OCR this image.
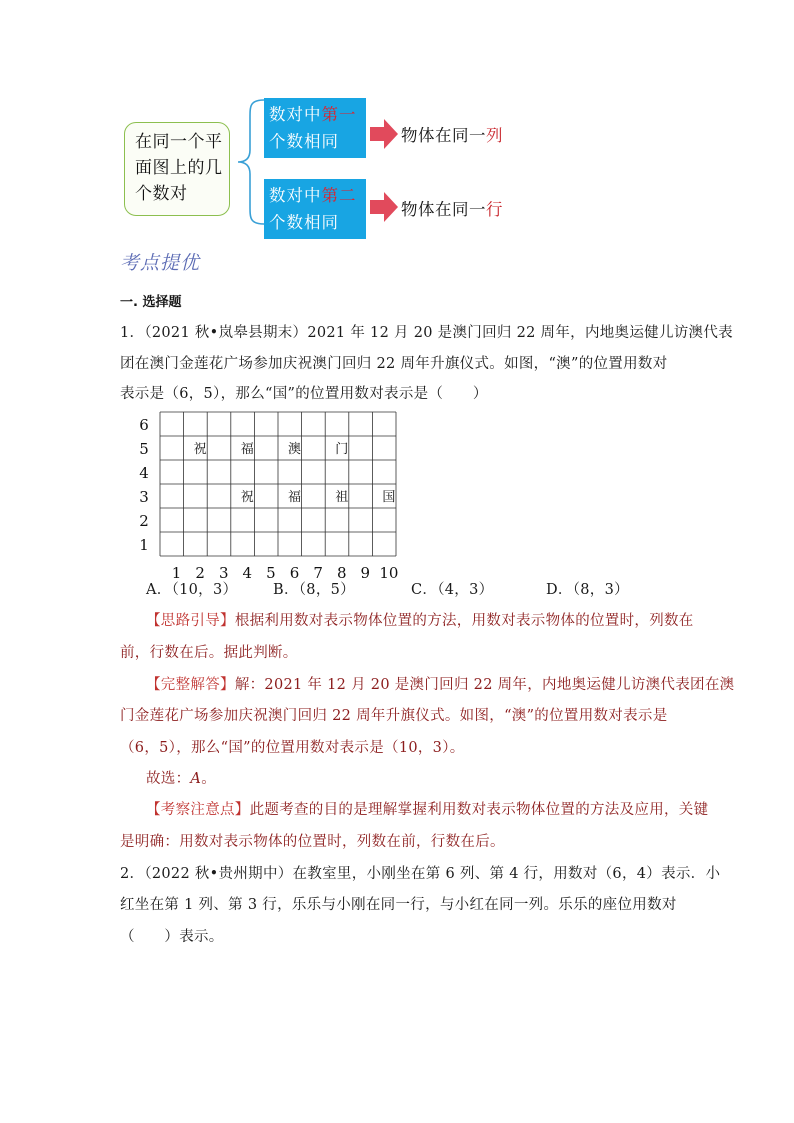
在同一个平
面图上的几
个数对
数对中第一
个数相同	物体在同一列
数对中第二
个数相同
物体在同一行
考点提优
一. 选择题
1．（2021 秋•岚皋县期末）2021 年 12 月 20 是澳门回归 22 周年，内地奥运健儿访澳代表
团在澳门金莲花广场参加庆祝澳门回归 22 周年升旗仪式。如图，“澳”的位置用数对
表示是（6，5），那么“国”的位置用数对表示是（　　）
1
2
3
4
5
6
1 2 3 4 5 6 7 8 9 10
祝	福	澳	门
祝	福	祖	国
A．（10，3） B．（8，5）	C．（4，3）	D．（8，3）
【思路引导】根据利用数对表示物体位置的方法，用数对表示物体的位置时，列数在
前，行数在后。据此判断。
【完整解答】解：2021 年 12 月 20 是澳门回归 22 周年，内地奥运健儿访澳代表团在澳
门金莲花广场参加庆祝澳门回归 22 周年升旗仪式。如图，“澳”的位置用数对表示是
（6，5），那么“国”的位置用数对表示是（10，3）。
故选：A。
【考察注意点】此题考查的目的是理解掌握利用数对表示物体位置的方法及应用，关键
是明确：用数对表示物体的位置时，列数在前，行数在后。
2．（2022 秋•贵州期中）在教室里，小刚坐在第 6 列、第 4 行，用数对（6，4）表示．小
红坐在第 1 列、第 3 行，乐乐与小刚在同一行，与小红在同一列。乐乐的座位用数对
（　　）表示。
